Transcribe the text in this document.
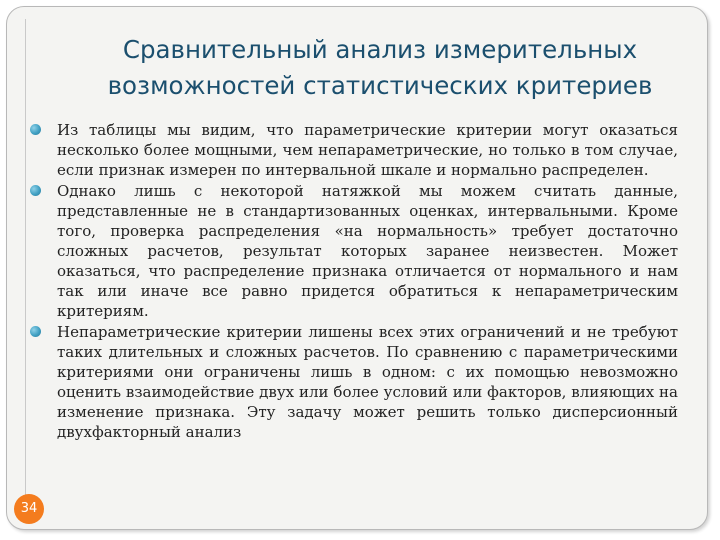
Сравнительный анализ измерительных возможностей статистических критериев
Из таблицы мы видим, что параметрические критерии могут оказаться несколько более мощными, чем непараметрические, но только в том случае, если признак измерен по интервальной шкале и нормально распределен.
Однако лишь с некоторой натяжкой мы можем считать данные, представленные не в стандартизованных оценках, интервальными. Кроме того, проверка распределения «на нормальность» требует достаточно сложных расчетов, результат которых заранее неизвестен. Может оказаться, что распределение признака отличается от нормального и нам так или иначе все равно придется обратиться к непараметрическим критериям.
Непараметрические критерии лишены всех этих ограничений и не требуют таких длительных и сложных расчетов. По сравнению с параметрическими критериями они ограничены лишь в одном: с их помощью невозможно оценить взаимодействие двух или более условий или факторов, влияющих на изменение признака. Эту задачу может решить только дисперсионный двухфакторный анализ
34
